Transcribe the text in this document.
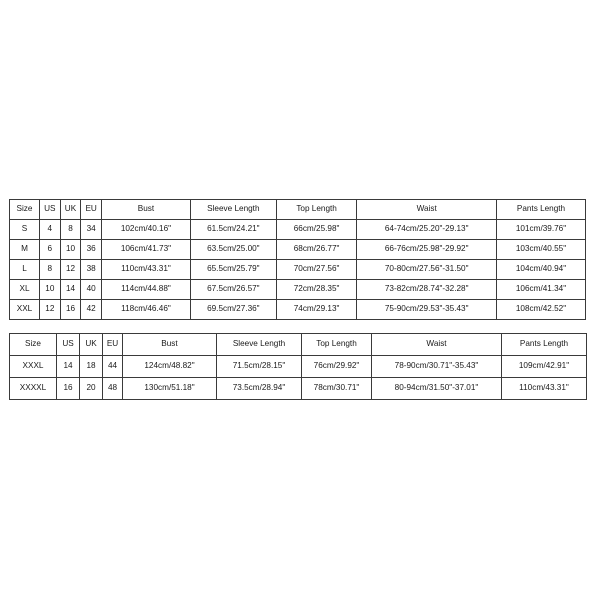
Size	US	UK	EU	Bust	Sleeve Length	Top Length	Waist	Pants Length
S	4	8	34	102cm/40.16"	61.5cm/24.21"	66cm/25.98"	64-74cm/25.20"-29.13"	101cm/39.76"
M	6	10	36	106cm/41.73"	63.5cm/25.00"	68cm/26.77"	66-76cm/25.98"-29.92"	103cm/40.55"
L	8	12	38	110cm/43.31"	65.5cm/25.79"	70cm/27.56"	70-80cm/27.56"-31.50"	104cm/40.94"
XL	10	14	40	114cm/44.88"	67.5cm/26.57"	72cm/28.35"	73-82cm/28.74"-32.28"	106cm/41.34"
XXL	12	16	42	118cm/46.46"	69.5cm/27.36"	74cm/29.13"	75-90cm/29.53"-35.43"	108cm/42.52"
Size	US	UK	EU	Bust	Sleeve Length	Top Length	Waist	Pants Length
XXXL	14	18	44	124cm/48.82"	71.5cm/28.15"	76cm/29.92"	78-90cm/30.71"-35.43"	109cm/42.91"
XXXXL	16	20	48	130cm/51.18"	73.5cm/28.94"	78cm/30.71"	80-94cm/31.50"-37.01"	110cm/43.31"
